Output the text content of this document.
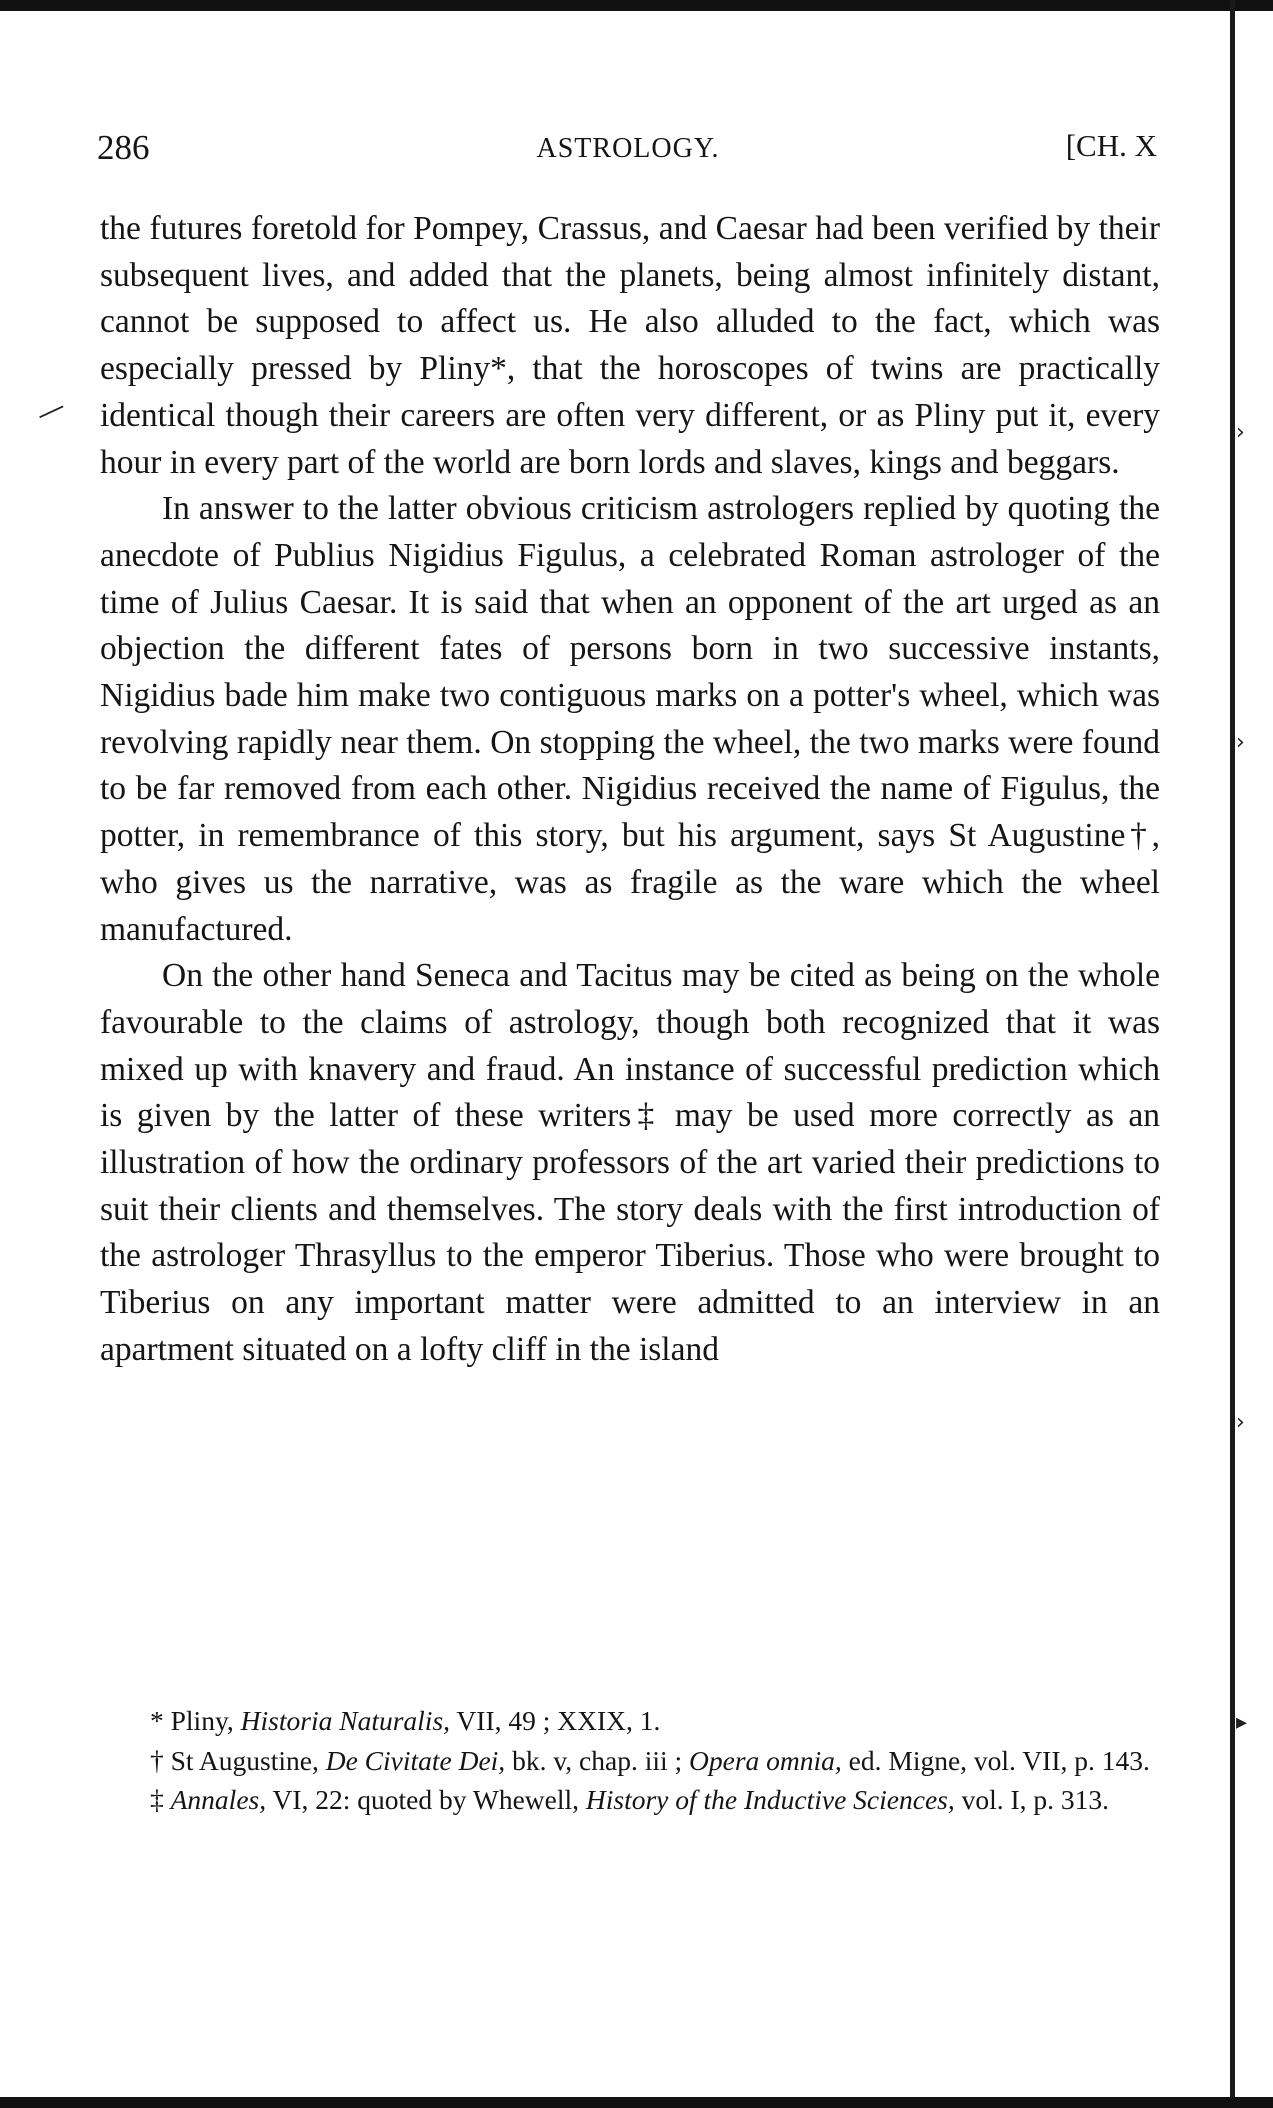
286	ASTROLOGY.	[CH. X

the futures foretold for Pompey, Crassus, and Caesar had been verified by their subsequent lives, and added that the planets, being almost infinitely distant, cannot be supposed to affect us. He also alluded to the fact, which was especially pressed by Pliny*, that the horoscopes of twins are practically identical though their careers are often very different, or as Pliny put it, every hour in every part of the world are born lords and slaves, kings and beggars.

In answer to the latter obvious criticism astrologers replied by quoting the anecdote of Publius Nigidius Figulus, a celebrated Roman astrologer of the time of Julius Caesar. It is said that when an opponent of the art urged as an objection the different fates of persons born in two successive instants, Nigidius bade him make two contiguous marks on a potter's wheel, which was revolving rapidly near them. On stopping the wheel, the two marks were found to be far removed from each other. Nigidius received the name of Figulus, the potter, in remembrance of this story, but his argument, says St Augustine†, who gives us the narrative, was as fragile as the ware which the wheel manufactured.

On the other hand Seneca and Tacitus may be cited as being on the whole favourable to the claims of astrology, though both recognized that it was mixed up with knavery and fraud. An instance of successful prediction which is given by the latter of these writers‡ may be used more correctly as an illustration of how the ordinary professors of the art varied their predictions to suit their clients and themselves. The story deals with the first introduction of the astrologer Thrasyllus to the emperor Tiberius. Those who were brought to Tiberius on any important matter were admitted to an interview in an apartment situated on a lofty cliff in the island

* Pliny, Historia Naturalis, VII, 49 ; XXIX, 1.

† St Augustine, De Civitate Dei, bk. v, chap. iii ; Opera omnia, ed. Migne, vol. VII, p. 143.

‡ Annales, VI, 22: quoted by Whewell, History of the Inductive Sciences, vol. I, p. 313.

―
›
›
›
▸
